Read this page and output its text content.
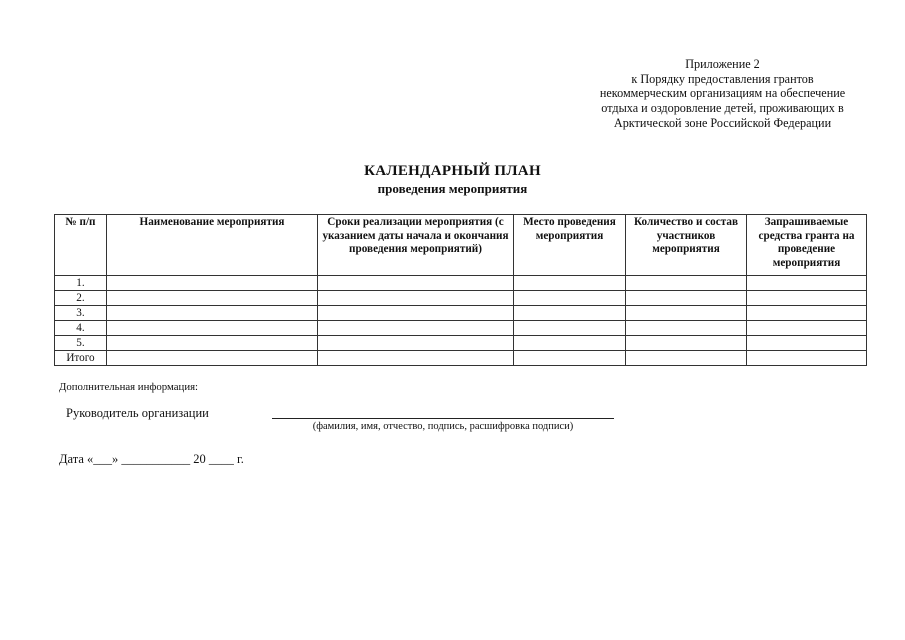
Приложение 2
к Порядку предоставления грантов
некоммерческим организациям на обеспечение
отдыха и оздоровление детей, проживающих в
Арктической зоне Российской Федерации
КАЛЕНДАРНЫЙ ПЛАН
проведения мероприятия
№ п/п	Наименование мероприятия	Сроки реализации мероприятия (с указанием даты начала и окончания проведения мероприятий)	Место проведения мероприятия	Количество и состав участников мероприятия	Запрашиваемые средства гранта на проведение мероприятия
1.					
2.					
3.					
4.					
5.					
Итого					
Дополнительная информация:
Руководитель организации
(фамилия, имя, отчество, подпись, расшифровка подписи)
Дата «___» ___________ 20 ____ г.
